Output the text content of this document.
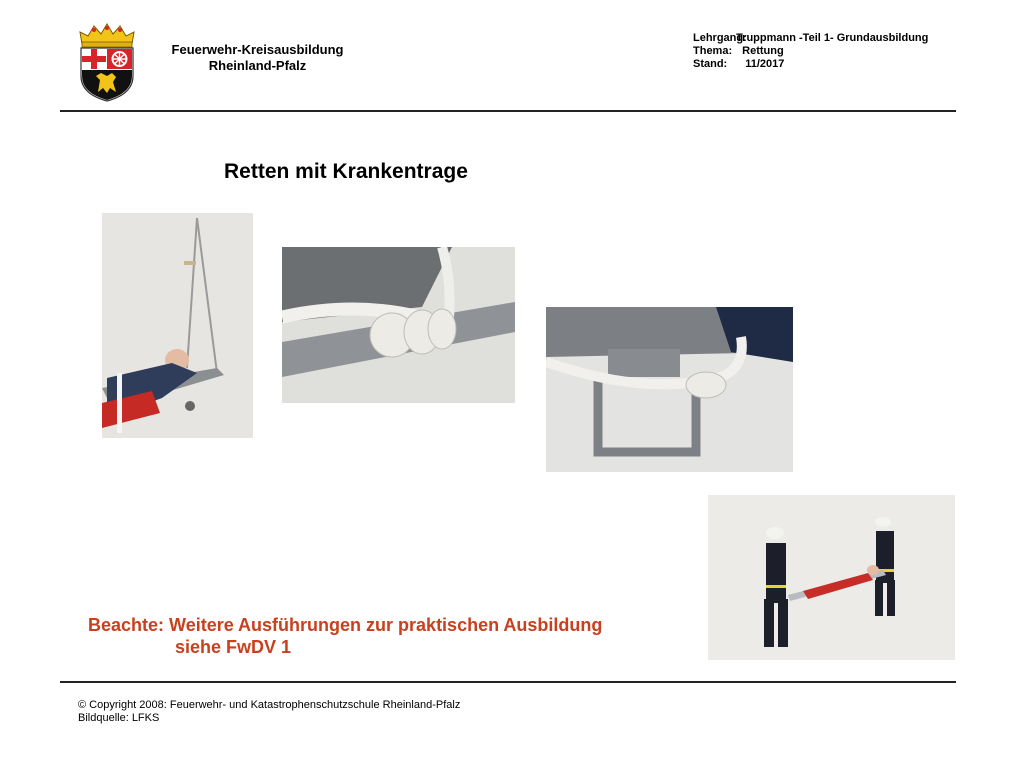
Feuerwehr-Kreisausbildung
Rheinland-Pfalz
Lehrgang: Truppmann -Teil 1- Grundausbildung
Thema: Rettung
Stand: 11/2017
Retten mit Krankentrage
Beachte: Weitere Ausführungen zur praktischen Ausbildung
siehe FwDV 1
© Copyright 2008: Feuerwehr- und Katastrophenschutzschule Rheinland-Pfalz
Bildquelle: LFKS
